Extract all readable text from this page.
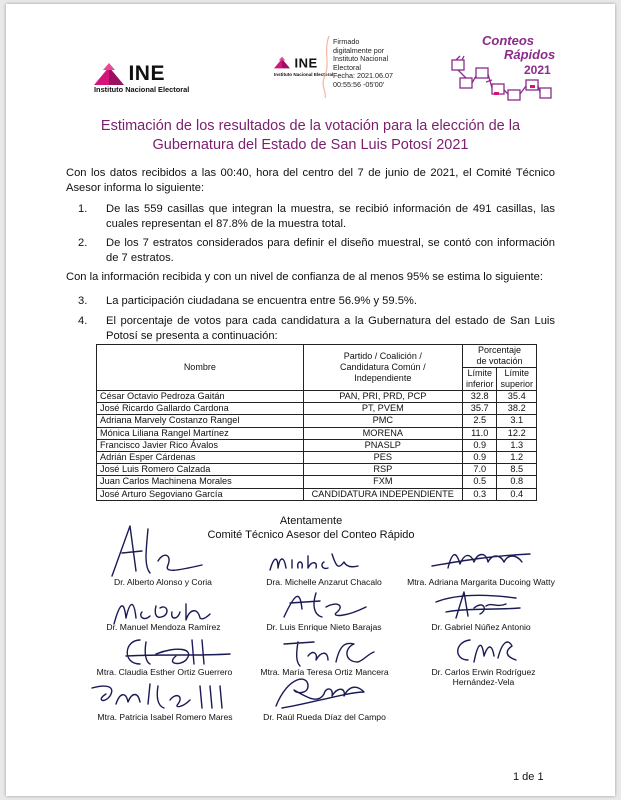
INE
Instituto Nacional Electoral
INE
Instituto Nacional Electoral
Firmado
digitalmente por
Instituto Nacional
Electoral
Fecha: 2021.06.07
00:55:56 -05'00'
Conteos
Rápidos
2021
Estimación de los resultados de la votación para la elección de la
Gubernatura del Estado de San Luis Potosí 2021
Con los datos recibidos a las 00:40, hora del centro del 7 de junio de 2021, el Comité Técnico Asesor informa lo siguiente:
1. De las 559 casillas que integran la muestra, se recibió información de 491 casillas, las cuales representan el 87.8% de la muestra total.
2. De los 7 estratos considerados para definir el diseño muestral, se contó con información de 7 estratos.
Con la información recibida y con un nivel de confianza de al menos 95% se estima lo siguiente:
3. La participación ciudadana se encuentra entre 56.9% y 59.5%.
4. El porcentaje de votos para cada candidatura a la Gubernatura del estado de San Luis Potosí se presenta a continuación:
Nombre	Partido / Coalición /
Candidatura Común /
Independiente	Porcentaje
de votación	
		Límite
inferior	Límite
superior
César Octavio Pedroza Gaitán	PAN, PRI, PRD, PCP	32.8	35.4
José Ricardo Gallardo Cardona	PT, PVEM	35.7	38.2
Adriana Marvely Costanzo Rangel	PMC	2.5	3.1
Mónica Liliana Rangel Martínez	MORENA	11.0	12.2
Francisco Javier Rico Ávalos	PNASLP	0.9	1.3
Adrián Esper Cárdenas	PES	0.9	1.2
José Luis Romero Calzada	RSP	7.0	8.5
Juan Carlos Machinena Morales	FXM	0.5	0.8
José Arturo Segoviano García	CANDIDATURA INDEPENDIENTE	0.3	0.4
Atentamente
Comité Técnico Asesor del Conteo Rápido
Dr. Alberto Alonso y Coria	Dra. Michelle Anzarut Chacalo	Mtra. Adriana Margarita Ducoing Watty
Dr. Manuel Mendoza Ramírez	Dr. Luis Enrique Nieto Barajas	Dr. Gabriel Núñez Antonio
Mtra. Claudia Esther Ortiz Guerrero	Mtra. María Teresa Ortiz Mancera	Dr. Carlos Erwin Rodríguez Hernández-Vela
Mtra. Patricia Isabel Romero Mares	Dr. Raúl Rueda Díaz del Campo
1 de 1
